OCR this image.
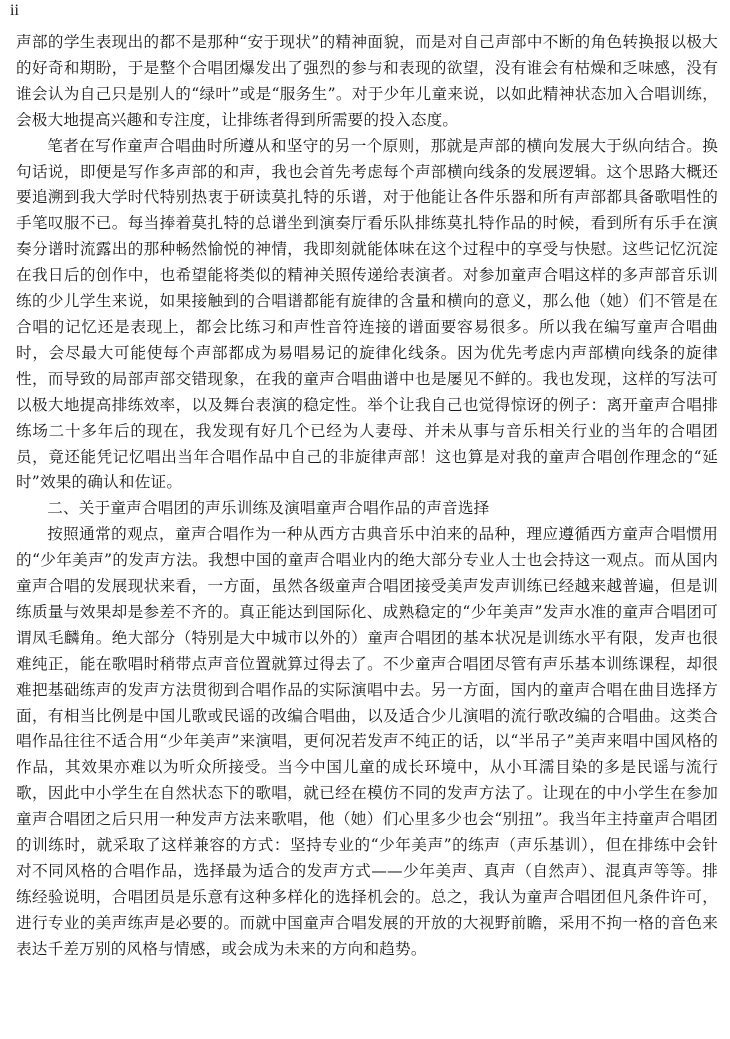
ii

声部的学生表现出的都不是那种“安于现状”的精神面貌，而是对自己声部中不断的角色转换报以极大的好奇和期盼，于是整个合唱团爆发出了强烈的参与和表现的欲望，没有谁会有枯燥和乏味感，没有谁会认为自己只是别人的“绿叶”或是“服务生”。对于少年儿童来说，以如此精神状态加入合唱训练，会极大地提高兴趣和专注度，让排练者得到所需要的投入态度。

笔者在写作童声合唱曲时所遵从和坚守的另一个原则，那就是声部的横向发展大于纵向结合。换句话说，即便是写作多声部的和声，我也会首先考虑每个声部横向线条的发展逻辑。这个思路大概还要追溯到我大学时代特别热衷于研读莫扎特的乐谱，对于他能让各件乐器和所有声部都具备歌唱性的手笔叹服不已。每当捧着莫扎特的总谱坐到演奏厅看乐队排练莫扎特作品的时候，看到所有乐手在演奏分谱时流露出的那种畅然愉悦的神情，我即刻就能体味在这个过程中的享受与快慰。这些记忆沉淀在我日后的创作中，也希望能将类似的精神关照传递给表演者。对参加童声合唱这样的多声部音乐训练的少儿学生来说，如果接触到的合唱谱都能有旋律的含量和横向的意义，那么他（她）们不管是在合唱的记忆还是表现上，都会比练习和声性音符连接的谱面要容易很多。所以我在编写童声合唱曲时，会尽最大可能使每个声部都成为易唱易记的旋律化线条。因为优先考虑内声部横向线条的旋律性，而导致的局部声部交错现象，在我的童声合唱曲谱中也是屡见不鲜的。我也发现，这样的写法可以极大地提高排练效率，以及舞台表演的稳定性。举个让我自己也觉得惊讶的例子：离开童声合唱排练场二十多年后的现在，我发现有好几个已经为人妻母、并未从事与音乐相关行业的当年的合唱团员，竟还能凭记忆唱出当年合唱作品中自己的非旋律声部！这也算是对我的童声合唱创作理念的“延时”效果的确认和佐证。

二、关于童声合唱团的声乐训练及演唱童声合唱作品的声音选择

按照通常的观点，童声合唱作为一种从西方古典音乐中泊来的品种，理应遵循西方童声合唱惯用的“少年美声”的发声方法。我想中国的童声合唱业内的绝大部分专业人士也会持这一观点。而从国内童声合唱的发展现状来看，一方面，虽然各级童声合唱团接受美声发声训练已经越来越普遍，但是训练质量与效果却是参差不齐的。真正能达到国际化、成熟稳定的“少年美声”发声水准的童声合唱团可谓凤毛麟角。绝大部分（特别是大中城市以外的）童声合唱团的基本状况是训练水平有限，发声也很难纯正，能在歌唱时稍带点声音位置就算过得去了。不少童声合唱团尽管有声乐基本训练课程，却很难把基础练声的发声方法贯彻到合唱作品的实际演唱中去。另一方面，国内的童声合唱在曲目选择方面，有相当比例是中国儿歌或民谣的改编合唱曲，以及适合少儿演唱的流行歌改编的合唱曲。这类合唱作品往往不适合用“少年美声”来演唱，更何况若发声不纯正的话，以“半吊子”美声来唱中国风格的作品，其效果亦难以为听众所接受。当今中国儿童的成长环境中，从小耳濡目染的多是民谣与流行歌，因此中小学生在自然状态下的歌唱，就已经在模仿不同的发声方法了。让现在的中小学生在参加童声合唱团之后只用一种发声方法来歌唱，他（她）们心里多少也会“别扭”。我当年主持童声合唱团的训练时，就采取了这样兼容的方式：坚持专业的“少年美声”的练声（声乐基训），但在排练中会针对不同风格的合唱作品，选择最为适合的发声方式——少年美声、真声（自然声）、混真声等等。排练经验说明，合唱团员是乐意有这种多样化的选择机会的。总之，我认为童声合唱团但凡条件许可，进行专业的美声练声是必要的。而就中国童声合唱发展的开放的大视野前瞻，采用不拘一格的音色来表达千差万别的风格与情感，或会成为未来的方向和趋势。
